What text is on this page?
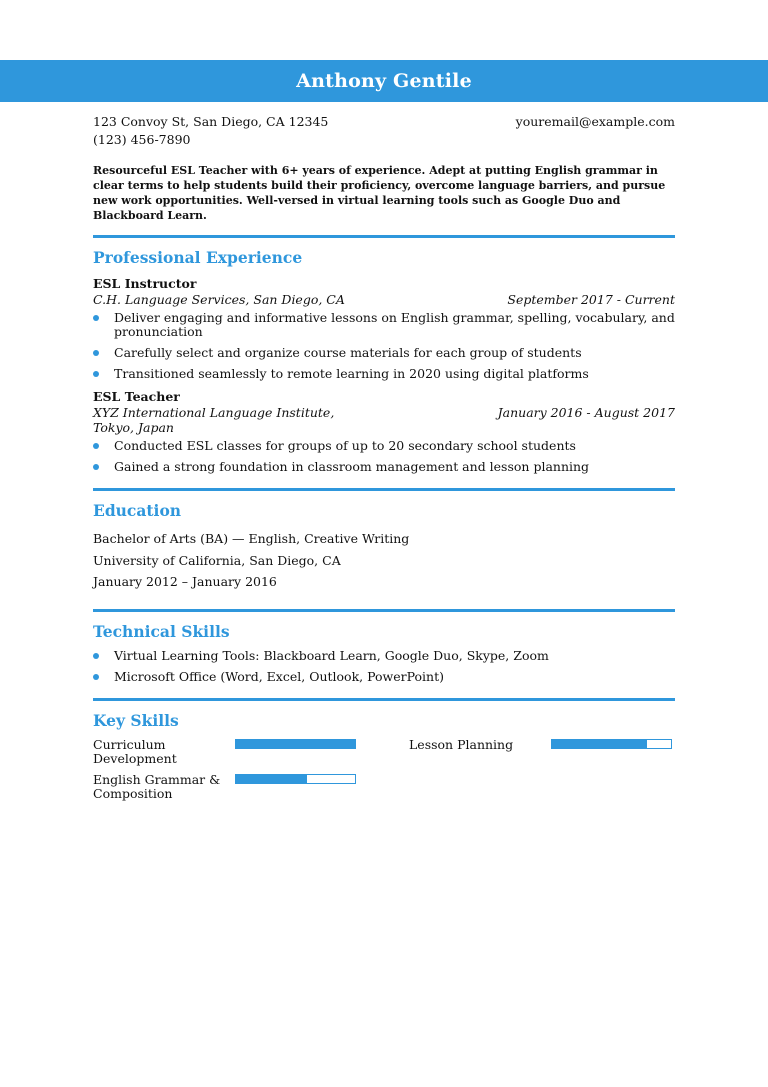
Anthony Gentile
123 Convoy St, San Diego, CA 12345
(123) 456-7890
youremail@example.com
Resourceful ESL Teacher with 6+ years of experience. Adept at putting English grammar in clear terms to help students build their proficiency, overcome language barriers, and pursue new work opportunities. Well-versed in virtual learning tools such as Google Duo and Blackboard Learn.
Professional Experience
ESL Instructor
C.H. Language Services, San Diego, CA	September 2017 - Current
Deliver engaging and informative lessons on English grammar, spelling, vocabulary, and pronunciation
Carefully select and organize course materials for each group of students
Transitioned seamlessly to remote learning in 2020 using digital platforms
ESL Teacher
XYZ International Language Institute, Tokyo, Japan
January 2016 - August 2017
Conducted ESL classes for groups of up to 20 secondary school students
Gained a strong foundation in classroom management and lesson planning
Education
Bachelor of Arts (BA) — English, Creative Writing
University of California, San Diego, CA
January 2012 – January 2016
Technical Skills
Virtual Learning Tools: Blackboard Learn, Google Duo, Skype, Zoom
Microsoft Office (Word, Excel, Outlook, PowerPoint)
Key Skills
Curriculum Development
Lesson Planning
English Grammar & Composition
